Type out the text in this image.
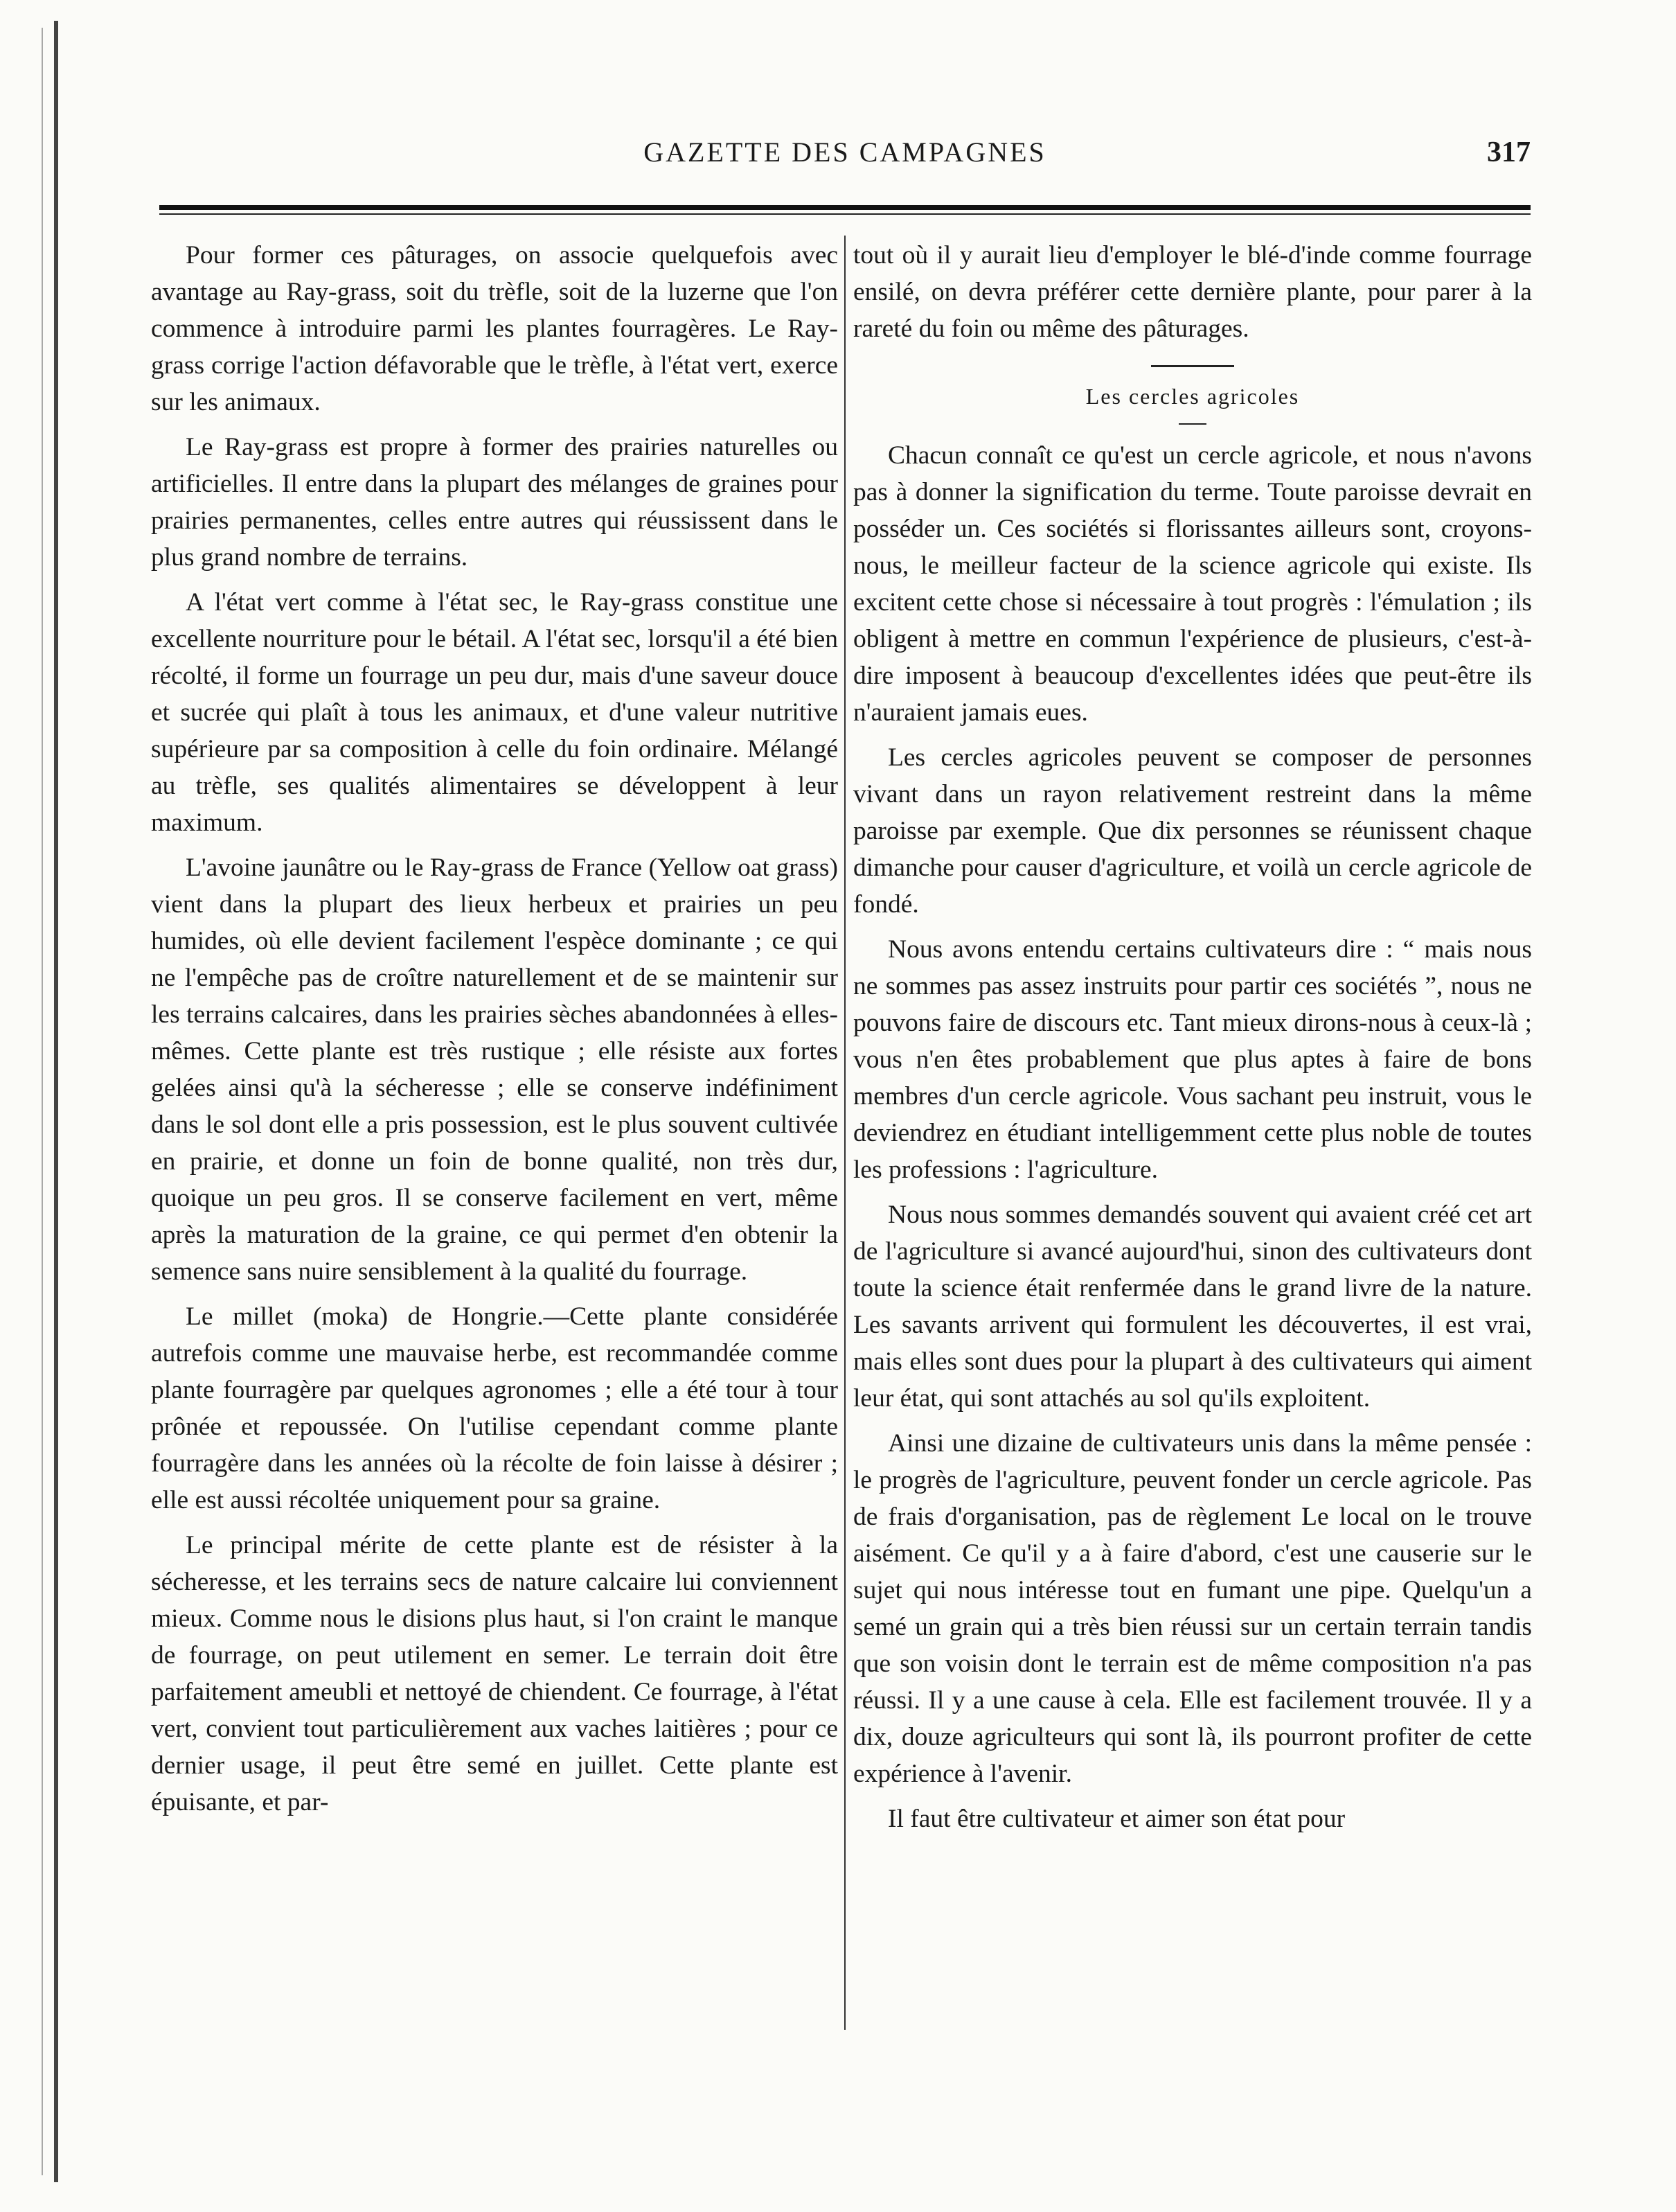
GAZETTE DES CAMPAGNES	317

Pour former ces pâturages, on associe quelquefois avec avantage au Ray-grass, soit du trèfle, soit de la luzerne que l'on commence à introduire parmi les plantes fourragères. Le Ray-grass corrige l'action défavorable que le trèfle, à l'état vert, exerce sur les animaux.

Le Ray-grass est propre à former des prairies naturelles ou artificielles. Il entre dans la plupart des mélanges de graines pour prairies permanentes, celles entre autres qui réussissent dans le plus grand nombre de terrains.

A l'état vert comme à l'état sec, le Ray-grass constitue une excellente nourriture pour le bétail. A l'état sec, lorsqu'il a été bien récolté, il forme un fourrage un peu dur, mais d'une saveur douce et sucrée qui plaît à tous les animaux, et d'une valeur nutritive supérieure par sa composition à celle du foin ordinaire. Mélangé au trèfle, ses qualités alimentaires se développent à leur maximum.

L'avoine jaunâtre ou le Ray-grass de France (Yellow oat grass) vient dans la plupart des lieux herbeux et prairies un peu humides, où elle devient facilement l'espèce dominante ; ce qui ne l'empêche pas de croître naturellement et de se maintenir sur les terrains calcaires, dans les prairies sèches abandonnées à elles-mêmes. Cette plante est très rustique ; elle résiste aux fortes gelées ainsi qu'à la sécheresse ; elle se conserve indéfiniment dans le sol dont elle a pris possession, est le plus souvent cultivée en prairie, et donne un foin de bonne qualité, non très dur, quoique un peu gros. Il se conserve facilement en vert, même après la maturation de la graine, ce qui permet d'en obtenir la semence sans nuire sensiblement à la qualité du fourrage.

Le millet (moka) de Hongrie.—Cette plante considérée autrefois comme une mauvaise herbe, est recommandée comme plante fourragère par quelques agronomes ; elle a été tour à tour prônée et repoussée. On l'utilise cependant comme plante fourragère dans les années où la récolte de foin laisse à désirer ; elle est aussi récoltée uniquement pour sa graine.

Le principal mérite de cette plante est de résister à la sécheresse, et les terrains secs de nature calcaire lui conviennent mieux. Comme nous le disions plus haut, si l'on craint le manque de fourrage, on peut utilement en semer. Le terrain doit être parfaitement ameubli et nettoyé de chiendent. Ce fourrage, à l'état vert, convient tout particulièrement aux vaches laitières ; pour ce dernier usage, il peut être semé en juillet. Cette plante est épuisante, et par-

tout où il y aurait lieu d'employer le blé-d'inde comme fourrage ensilé, on devra préférer cette dernière plante, pour parer à la rareté du foin ou même des pâturages.

Les cercles agricoles

Chacun connaît ce qu'est un cercle agricole, et nous n'avons pas à donner la signification du terme. Toute paroisse devrait en posséder un. Ces sociétés si florissantes ailleurs sont, croyons-nous, le meilleur facteur de la science agricole qui existe. Ils excitent cette chose si nécessaire à tout progrès : l'émulation ; ils obligent à mettre en commun l'expérience de plusieurs, c'est-à-dire imposent à beaucoup d'excellentes idées que peut-être ils n'auraient jamais eues.

Les cercles agricoles peuvent se composer de personnes vivant dans un rayon relativement restreint dans la même paroisse par exemple. Que dix personnes se réunissent chaque dimanche pour causer d'agriculture, et voilà un cercle agricole de fondé.

Nous avons entendu certains cultivateurs dire : “ mais nous ne sommes pas assez instruits pour partir ces sociétés ”, nous ne pouvons faire de discours etc. Tant mieux dirons-nous à ceux-là ; vous n'en êtes probablement que plus aptes à faire de bons membres d'un cercle agricole. Vous sachant peu instruit, vous le deviendrez en étudiant intelligemment cette plus noble de toutes les professions : l'agriculture.

Nous nous sommes demandés souvent qui avaient créé cet art de l'agriculture si avancé aujourd'hui, sinon des cultivateurs dont toute la science était renfermée dans le grand livre de la nature. Les savants arrivent qui formulent les découvertes, il est vrai, mais elles sont dues pour la plupart à des cultivateurs qui aiment leur état, qui sont attachés au sol qu'ils exploitent.

Ainsi une dizaine de cultivateurs unis dans la même pensée : le progrès de l'agriculture, peuvent fonder un cercle agricole. Pas de frais d'organisation, pas de règlement Le local on le trouve aisément. Ce qu'il y a à faire d'abord, c'est une causerie sur le sujet qui nous intéresse tout en fumant une pipe. Quelqu'un a semé un grain qui a très bien réussi sur un certain terrain tandis que son voisin dont le terrain est de même composition n'a pas réussi. Il y a une cause à cela. Elle est facilement trouvée. Il y a dix, douze agriculteurs qui sont là, ils pourront profiter de cette expérience à l'avenir.

Il faut être cultivateur et aimer son état pour
